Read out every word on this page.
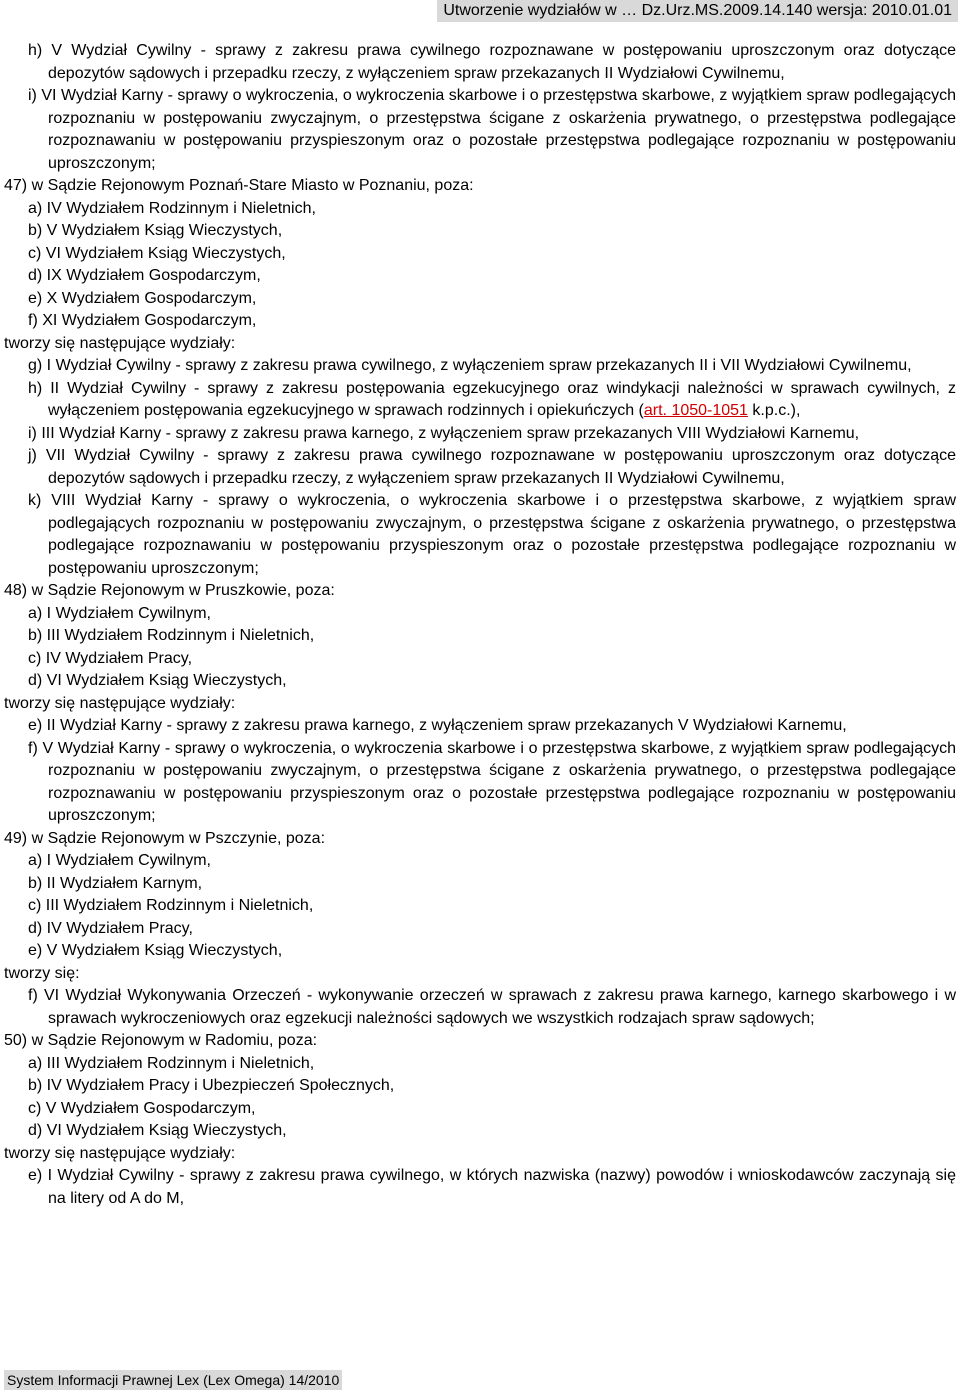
Utworzenie wydziałów w … Dz.Urz.MS.2009.14.140 wersja: 2010.01.01
h) V Wydział Cywilny - sprawy z zakresu prawa cywilnego rozpoznawane w postępowaniu uproszczonym oraz dotyczące depozytów sądowych i przepadku rzeczy, z wyłączeniem spraw przekazanych II Wydziałowi Cywilnemu,
i) VI Wydział Karny - sprawy o wykroczenia, o wykroczenia skarbowe i o przestępstwa skarbowe, z wyjątkiem spraw podlegających rozpoznaniu w postępowaniu zwyczajnym, o przestępstwa ścigane z oskarżenia prywatnego, o przestępstwa podlegające rozpoznawaniu w postępowaniu przyspieszonym oraz o pozostałe przestępstwa podlegające rozpoznaniu w postępowaniu uproszczonym;
47) w Sądzie Rejonowym Poznań-Stare Miasto w Poznaniu, poza:
a) IV Wydziałem Rodzinnym i Nieletnich,
b) V Wydziałem Ksiąg Wieczystych,
c) VI Wydziałem Ksiąg Wieczystych,
d) IX Wydziałem Gospodarczym,
e) X Wydziałem Gospodarczym,
f) XI Wydziałem Gospodarczym,
tworzy się następujące wydziały:
g) I Wydział Cywilny - sprawy z zakresu prawa cywilnego, z wyłączeniem spraw przekazanych II i VII Wydziałowi Cywilnemu,
h) II Wydział Cywilny - sprawy z zakresu postępowania egzekucyjnego oraz windykacji należności w sprawach cywilnych, z wyłączeniem postępowania egzekucyjnego w sprawach rodzinnych i opiekuńczych (art. 1050-1051 k.p.c.),
i) III Wydział Karny - sprawy z zakresu prawa karnego, z wyłączeniem spraw przekazanych VIII Wydziałowi Karnemu,
j) VII Wydział Cywilny - sprawy z zakresu prawa cywilnego rozpoznawane w postępowaniu uproszczonym oraz dotyczące depozytów sądowych i przepadku rzeczy, z wyłączeniem spraw przekazanych II Wydziałowi Cywilnemu,
k) VIII Wydział Karny - sprawy o wykroczenia, o wykroczenia skarbowe i o przestępstwa skarbowe, z wyjątkiem spraw podlegających rozpoznaniu w postępowaniu zwyczajnym, o przestępstwa ścigane z oskarżenia prywatnego, o przestępstwa podlegające rozpoznawaniu w postępowaniu przyspieszonym oraz o pozostałe przestępstwa podlegające rozpoznaniu w postępowaniu uproszczonym;
48) w Sądzie Rejonowym w Pruszkowie, poza:
a) I Wydziałem Cywilnym,
b) III Wydziałem Rodzinnym i Nieletnich,
c) IV Wydziałem Pracy,
d) VI Wydziałem Ksiąg Wieczystych,
tworzy się następujące wydziały:
e) II Wydział Karny - sprawy z zakresu prawa karnego, z wyłączeniem spraw przekazanych V Wydziałowi Karnemu,
f) V Wydział Karny - sprawy o wykroczenia, o wykroczenia skarbowe i o przestępstwa skarbowe, z wyjątkiem spraw podlegających rozpoznaniu w postępowaniu zwyczajnym, o przestępstwa ścigane z oskarżenia prywatnego, o przestępstwa podlegające rozpoznawaniu w postępowaniu przyspieszonym oraz o pozostałe przestępstwa podlegające rozpoznaniu w postępowaniu uproszczonym;
49) w Sądzie Rejonowym w Pszczynie, poza:
a) I Wydziałem Cywilnym,
b) II Wydziałem Karnym,
c) III Wydziałem Rodzinnym i Nieletnich,
d) IV Wydziałem Pracy,
e) V Wydziałem Ksiąg Wieczystych,
tworzy się:
f) VI Wydział Wykonywania Orzeczeń - wykonywanie orzeczeń w sprawach z zakresu prawa karnego, karnego skarbowego i w sprawach wykroczeniowych oraz egzekucji należności sądowych we wszystkich rodzajach spraw sądowych;
50) w Sądzie Rejonowym w Radomiu, poza:
a) III Wydziałem Rodzinnym i Nieletnich,
b) IV Wydziałem Pracy i Ubezpieczeń Społecznych,
c) V Wydziałem Gospodarczym,
d) VI Wydziałem Ksiąg Wieczystych,
tworzy się następujące wydziały:
e) I Wydział Cywilny - sprawy z zakresu prawa cywilnego, w których nazwiska (nazwy) powodów i wnioskodawców zaczynają się na litery od A do M,
System Informacji Prawnej Lex (Lex Omega) 14/2010
